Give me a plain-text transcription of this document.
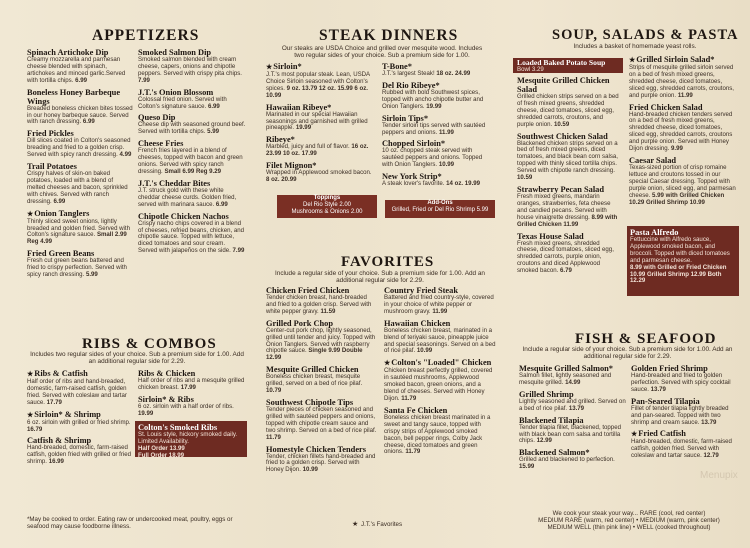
APPETIZERS
Spinach Artichoke Dip
Creamy mozzarella and parmesan cheese blended with spinach, artichokes and minced garlic.Served with tortilla chips. 6.99
Boneless Honey Barbeque Wings
Breaded boneless chicken bites tossed in our honey barbeque sauce. Served with ranch dressing. 6.99
Fried Pickles
Dill slices coated in Colton's seasoned breading and fried to a golden crisp. Served with spicy ranch dressing. 4.99
Trail Potatoes
Crispy halves of skin-on baked potatoes, loaded with a blend of melted cheeses and bacon, sprinkled with chives. Served with ranch dressing. 6.99
★Onion Tanglers
Thinly sliced sweet onions, lightly breaded and golden fried. Served with Colton's signature sauce. Small 2.99 Reg 4.99
Fried Green Beans
Fresh cut green beans battered and fried to crispy perfection. Served with spicy ranch dressing. 5.99
Smoked Salmon Dip
Smoked salmon blended with cream cheese, capers, onions and chipotle peppers. Served with crispy pita chips. 7.99
J.T.'s Onion Blossom
Colossal fried onion. Served with Colton's signature sauce. 6.99
Queso Dip
Cheese dip with seasoned ground beef. Served with tortilla chips. 5.99
Cheese Fries
French fries layered in a blend of cheeses, topped with bacon and green onions. Served with spicy ranch dressing. Small 6.99 Reg 9.29
J.T.'s Cheddar Bites
J.T. struck gold with these white cheddar cheese curds. Golden fried, served with marinara sauce. 6.99
Chipotle Chicken Nachos
Crispy nacho chips covered in a blend of cheeses, refried beans, chicken, and chipotle sauce. Topped with lettuce, diced tomatoes and sour cream. Served with jalapeños on the side. 7.99
STEAK DINNERS
Our steaks are USDA Choice and grilled over mesquite wood. Includes two regular sides of your choice. Sub a premium side for 1.00.
★Sirloin*
J.T.'s most popular steak. Lean, USDA Choice Sirloin seasoned with Colton's spices. 9 oz. 13.79 12 oz. 15.99 6 oz. 10.99
Hawaiian Ribeye*
Marinated in our special Hawaiian seasonings and garnished with grilled pineapple. 19.99
Ribeye*
Marbled, juicy and full of flavor. 16 oz. 23.99 10 oz. 17.99
Filet Mignon*
Wrapped in Applewood smoked bacon. 8 oz. 20.99
T-Bone*
J.T.'s largest Steak! 18 oz. 24.99
Del Rio Ribeye*
Rubbed with bold Southwest spices, topped with ancho chipotle butter and Onion Tanglers. 19.99
Sirloin Tips*
Tender sirloin tips served with sautéed peppers and onions. 11.99
Chopped Sirloin*
10 oz. chopped steak served with sautéed peppers and onions. Topped with Onion Tanglers. 10.99
New York Strip*
A steak lover's favorite. 14 oz. 19.99
Toppings
Del Rio Style 2.00
Mushrooms & Onions 2.00
Add-Ons
Grilled, Fried or Del Rio Shrimp 5.99
SOUP, SALADS & PASTA
Includes a basket of homemade yeast rolls.
Loaded Baked Potato Soup
Bowl 3.29
Mesquite Grilled Chicken Salad
Grilled chicken strips served on a bed of fresh mixed greens, shredded cheese, diced tomatoes, sliced egg, shredded carrots, croutons, and purple onion. 10.59
Southwest Chicken Salad
Blackened chicken strips served on a bed of fresh mixed greens, diced tomatoes, and black bean corn salsa, topped with thinly sliced tortilla chips. Served with chipotle ranch dressing. 10.59
Strawberry Pecan Salad
Fresh mixed greens, mandarin oranges, strawberries, feta cheese and candied pecans. Served with house vinaigrette dressing. 8.99 with Grilled Chicken 11.99
Texas House Salad
Fresh mixed greens, shredded cheese, diced tomatoes, sliced egg, shredded carrots, purple onion, croutons and diced Applewood smoked bacon. 6.79
★Grilled Sirloin Salad*
Strips of mesquite grilled sirloin served on a bed of fresh mixed greens, shredded cheese, diced tomatoes, sliced egg, shredded carrots, croutons, and purple onion. 11.99
Fried Chicken Salad
Hand-breaded chicken tenders served on a bed of fresh mixed greens, shredded cheese, diced tomatoes, sliced egg, shredded carrots, croutons and purple onion. Served with Honey Dijon dressing. 9.99
Caesar Salad
Texas-sized portion of crisp romaine lettuce and croutons tossed in our special Caesar dressing. Topped with purple onion, sliced egg, and parmesan cheese. 5.99 with Grilled Chicken 10.29 Grilled Shrimp 10.99
Pasta Alfredo
Fettuccine with Alfredo sauce, Applewood smoked bacon, and broccoli. Topped with diced tomatoes and parmesan cheese.
8.99 with Grilled or Fried Chicken 10.99 Grilled Shrimp 12.99 Both 12.29
FAVORITES
Include a regular side of your choice. Sub a premium side for 1.00. Add an additional regular side for 2.29.
Chicken Fried Chicken
Tender chicken breast, hand-breaded and fried to a golden crisp. Served with white pepper gravy. 11.59
Grilled Pork Chop
Center-cut pork chop, lightly seasoned, grilled until tender and juicy. Topped with Onion Tanglers. Served with raspberry chipotle sauce. Single 9.99 Double 12.99
Mesquite Grilled Chicken
Boneless chicken breast, mesquite grilled, served on a bed of rice pilaf. 10.79
Southwest Chipotle Tips
Tender pieces of chicken seasoned and grilled with sautéed peppers and onions, topped with chipotle cream sauce and two shrimp. Served on a bed of rice pilaf. 11.79
Homestyle Chicken Tenders
Tender, chicken fillets hand-breaded and fried to a golden crisp. Served with Honey Dijon. 10.99
Country Fried Steak
Battered and fried country-style, covered in your choice of white pepper or mushroom gravy. 11.99
Hawaiian Chicken
Boneless chicken breast, marinated in a blend of teriyaki sauce, pineapple juice and special seasonings. Served on a bed of rice pilaf. 10.99
★Colton's "Loaded" Chicken
Chicken breast perfectly grilled, covered in sautéed mushrooms, Applewood smoked bacon, green onions, and a blend of cheeses. Served with Honey Dijon. 11.79
Santa Fe Chicken
Boneless chicken breast marinated in a sweet and tangy sauce, topped with crispy strips of Applewood smoked bacon, bell pepper rings, Colby Jack cheese, diced tomatoes and green onions. 11.79
RIBS & COMBOS
Includes two regular sides of your choice. Sub a premium side for 1.00. Add an additional regular side for 2.29.
★Ribs & Catfish
Half order of ribs and hand-breaded, domestic, farm-raised catfish, golden fried. Served with coleslaw and tartar sauce. 17.79
★Sirloin* & Shrimp
6 oz. sirloin with grilled or fried shrimp. 16.79
Catfish & Shrimp
Hand-breaded, domestic, farm-raised catfish, golden fried with grilled or fried shrimp. 16.99
Ribs & Chicken
Half order of ribs and a mesquite grilled chicken breast. 17.99
Sirloin* & Ribs
6 oz. sirloin with a half order of ribs. 19.99
Colton's Smoked Ribs
St. Louis style, hickory smoked daily. Limited Availability.
Half Order 13.99
Full Order 18.99
FISH & SEAFOOD
Include a regular side of your choice. Sub a premium side for 1.00. Add an additional regular side for 2.29.
Mesquite Grilled Salmon*
Salmon fillet, lightly seasoned and mesquite grilled. 14.99
Grilled Shrimp
Lightly seasoned and grilled. Served on a bed of rice pilaf. 13.79
Blackened Tilapia
Tender tilapia fillet, blackened, topped with black bean corn salsa and tortilla chips. 12.99
Blackened Salmon*
Grilled and blackened to perfection. 15.99
Golden Fried Shrimp
Hand-breaded and fried to golden perfection. Served with spicy cocktail sauce. 13.79
Pan-Seared Tilapia
Fillet of tender tilapia lightly breaded and pan-seared. Topped with two shrimp and cream sauce. 13.79
★Fried Catfish
Hand-breaded, domestic, farm-raised catfish, golden fried. Served with coleslaw and tartar sauce. 12.79
*May be cooked to order. Eating raw or undercooked meat, poultry, eggs or seafood may cause foodborne illness.	★ J.T.'s Favorites
We cook your steak your way... RARE (cool, red center)
MEDIUM RARE (warm, red center) • MEDIUM (warm, pink center)
MEDIUM WELL (thin pink line) • WELL (cooked throughout)
Menupix
